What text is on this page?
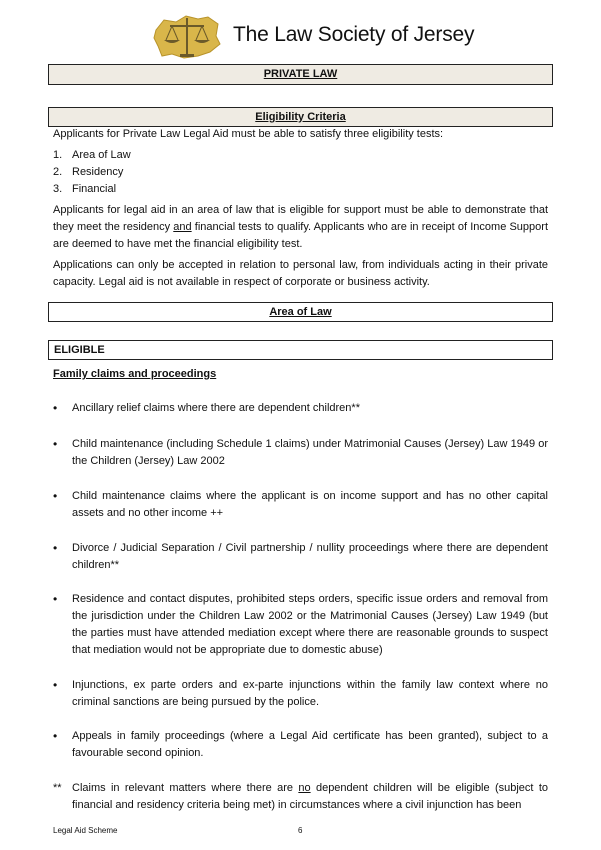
The Law Society of Jersey
PRIVATE LAW
Eligibility Criteria
Applicants for Private Law Legal Aid must be able to satisfy three eligibility tests:
1. Area of Law
2. Residency
3. Financial
Applicants for legal aid in an area of law that is eligible for support must be able to demonstrate that they meet the residency and financial tests to qualify. Applicants who are in receipt of Income Support are deemed to have met the financial eligibility test.
Applications can only be accepted in relation to personal law, from individuals acting in their private capacity. Legal aid is not available in respect of corporate or business activity.
Area of Law
ELIGIBLE
Family claims and proceedings
• Ancillary relief claims where there are dependent children**
• Child maintenance (including Schedule 1 claims) under Matrimonial Causes (Jersey) Law 1949 or the Children (Jersey) Law 2002
• Child maintenance claims where the applicant is on income support and has no other capital assets and no other income ++
• Divorce / Judicial Separation / Civil partnership / nullity proceedings where there are dependent children**
• Residence and contact disputes, prohibited steps orders, specific issue orders and removal from the jurisdiction under the Children Law 2002 or the Matrimonial Causes (Jersey) Law 1949 (but the parties must have attended mediation except where there are reasonable grounds to suspect that mediation would not be appropriate due to domestic abuse)
• Injunctions, ex parte orders and ex-parte injunctions within the family law context where no criminal sanctions are being pursued by the police.
• Appeals in family proceedings (where a Legal Aid certificate has been granted), subject to a favourable second opinion.
** Claims in relevant matters where there are no dependent children will be eligible (subject to financial and residency criteria being met) in circumstances where a civil injunction has been
Legal Aid Scheme	6
